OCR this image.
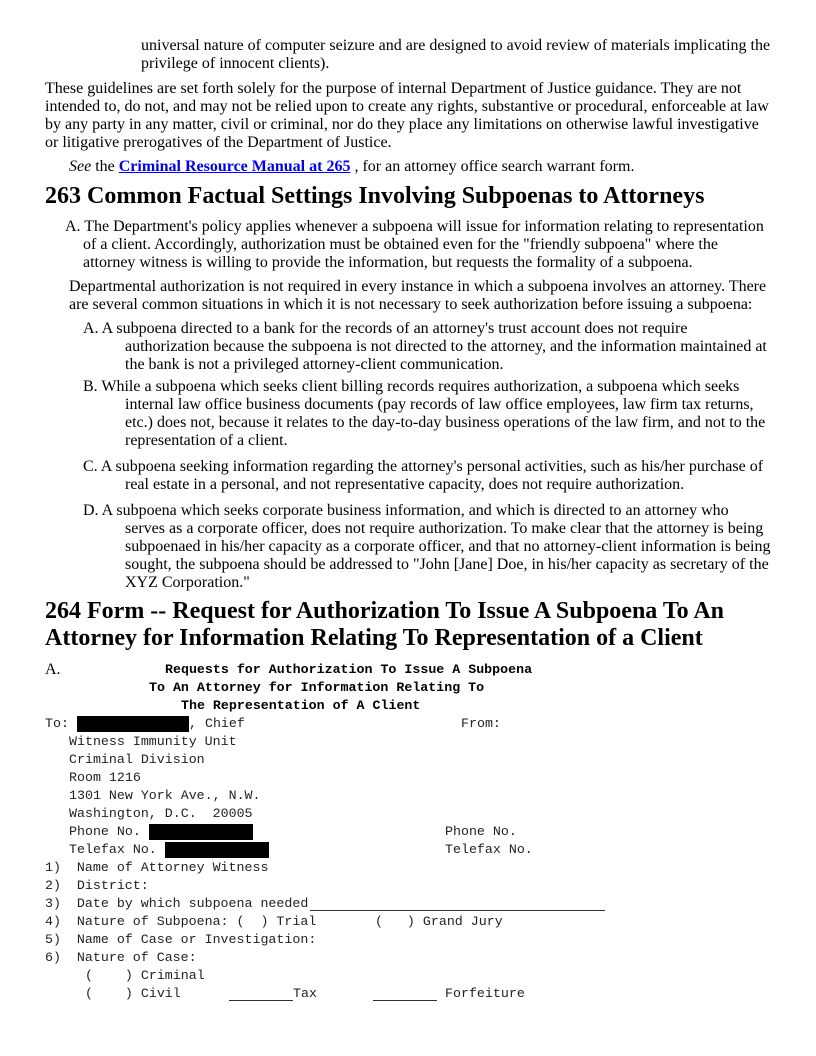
universal nature of computer seizure and are designed to avoid review of materials implicating the
privilege of innocent clients).
These guidelines are set forth solely for the purpose of internal Department of Justice guidance. They are not
intended to, do not, and may not be relied upon to create any rights, substantive or procedural, enforceable at law
by any party in any matter, civil or criminal, nor do they place any limitations on otherwise lawful investigative
or litigative prerogatives of the Department of Justice.
See the Criminal Resource Manual at 265 , for an attorney office search warrant form.
263 Common Factual Settings Involving Subpoenas to Attorneys
A. The Department's policy applies whenever a subpoena will issue for information relating to representation
of a client. Accordingly, authorization must be obtained even for the "friendly subpoena" where the
attorney witness is willing to provide the information, but requests the formality of a subpoena.
Departmental authorization is not required in every instance in which a subpoena involves an attorney. There
are several common situations in which it is not necessary to seek authorization before issuing a subpoena:
A. A subpoena directed to a bank for the records of an attorney's trust account does not require
authorization because the subpoena is not directed to the attorney, and the information maintained at
the bank is not a privileged attorney-client communication.
B. While a subpoena which seeks client billing records requires authorization, a subpoena which seeks
internal law office business documents (pay records of law office employees, law firm tax returns,
etc.) does not, because it relates to the day-to-day business operations of the law firm, and not to the
representation of a client.
C. A subpoena seeking information regarding the attorney's personal activities, such as his/her purchase of
real estate in a personal, and not representative capacity, does not require authorization.
D. A subpoena which seeks corporate business information, and which is directed to an attorney who
serves as a corporate officer, does not require authorization. To make clear that the attorney is being
subpoenaed in his/her capacity as a corporate officer, and that no attorney-client information is being
sought, the subpoena should be addressed to "John [Jane] Doe, in his/her capacity as secretary of the
XYZ Corporation."
264 Form -- Request for Authorization To Issue A Subpoena To An
Attorney for Information Relating To Representation of a Client
A.	Requests for Authorization To Issue A Subpoena
To An Attorney for Information Relating To
The Representation of A Client
To:	, Chief	From:
Witness Immunity Unit
Criminal Division
Room 1216
1301 New York Ave., N.W.
Washington, D.C.  20005
Phone No.	Phone No.
Telefax No.	Telefax No.
1)  Name of Attorney Witness
2)  District:
3)  Date by which subpoena needed
4)  Nature of Subpoena: (  ) Trial	(   ) Grand Jury
5)  Name of Case or Investigation:
6)  Nature of Case:
(    ) Criminal
(    ) Civil	Tax	Forfeiture
